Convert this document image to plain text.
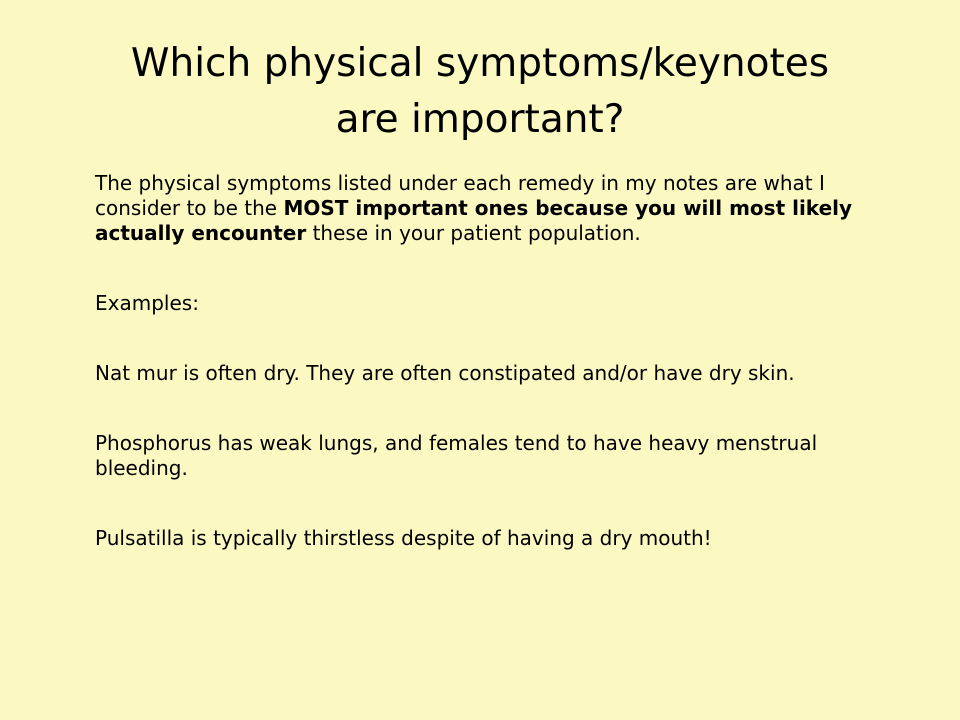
Which physical symptoms/keynotes
are important?

The physical symptoms listed under each remedy in my notes are what I consider to be the MOST important ones because you will most likely actually encounter these in your patient population.

Examples:

Nat mur is often dry. They are often constipated and/or have dry skin.

Phosphorus has weak lungs, and females tend to have heavy menstrual bleeding.

Pulsatilla is typically thirstless despite of having a dry mouth!
